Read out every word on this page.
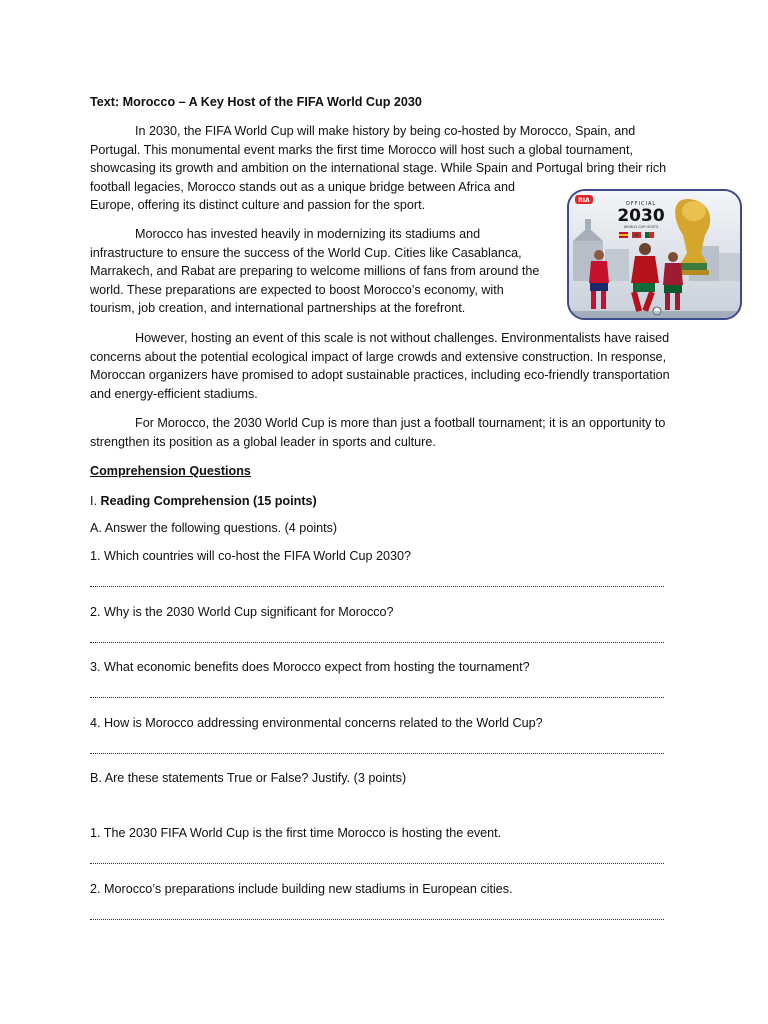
Text: Morocco – A Key Host of the FIFA World Cup 2030
In 2030, the FIFA World Cup will make history by being co-hosted by Morocco, Spain, and
Portugal. This monumental event marks the first time Morocco will host such a global tournament,
showcasing its growth and ambition on the international stage. While Spain and Portugal bring their rich
football legacies, Morocco stands out as a unique bridge between Africa and
Europe, offering its distinct culture and passion for the sport.
Morocco has invested heavily in modernizing its stadiums and
infrastructure to ensure the success of the World Cup. Cities like Casablanca,
Marrakech, and Rabat are preparing to welcome millions of fans from around the
world. These preparations are expected to boost Morocco’s economy, with
tourism, job creation, and international partnerships at the forefront.
RIA	OFFICIAL
2030
WORLD CUP HOSTS
However, hosting an event of this scale is not without challenges. Environmentalists have raised
concerns about the potential ecological impact of large crowds and extensive construction. In response,
Moroccan organizers have promised to adopt sustainable practices, including eco-friendly transportation
and energy-efficient stadiums.
For Morocco, the 2030 World Cup is more than just a football tournament; it is an opportunity to
strengthen its position as a global leader in sports and culture.
Comprehension Questions
I. Reading Comprehension (15 points)
A. Answer the following questions. (4 points)
1. Which countries will co-host the FIFA World Cup 2030?
2. Why is the 2030 World Cup significant for Morocco?
3. What economic benefits does Morocco expect from hosting the tournament?
4. How is Morocco addressing environmental concerns related to the World Cup?
B. Are these statements True or False? Justify. (3 points)
1. The 2030 FIFA World Cup is the first time Morocco is hosting the event.
2. Morocco’s preparations include building new stadiums in European cities.
